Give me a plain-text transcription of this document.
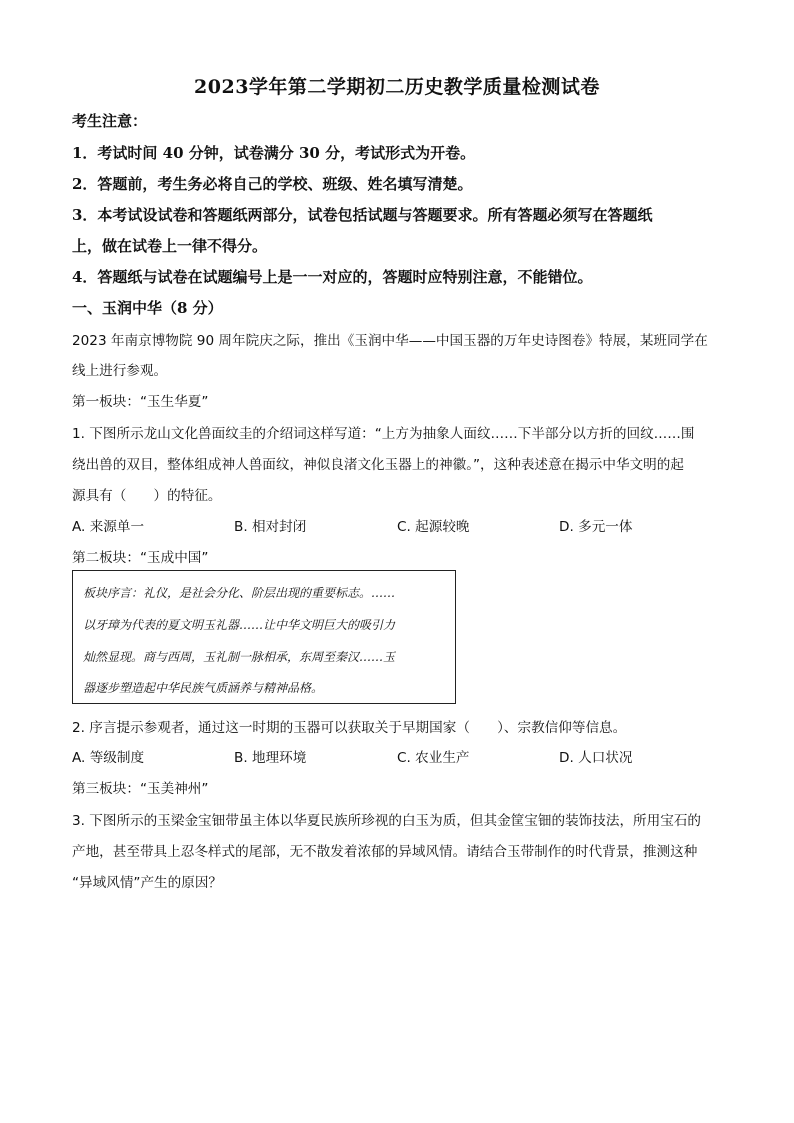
2023学年第二学期初二历史教学质量检测试卷
考生注意：
1．考试时间 40 分钟，试卷满分 30 分，考试形式为开卷。
2．答题前，考生务必将自己的学校、班级、姓名填写清楚。
3．本考试设试卷和答题纸两部分，试卷包括试题与答题要求。所有答题必须写在答题纸
上，做在试卷上一律不得分。
4．答题纸与试卷在试题编号上是一一对应的，答题时应特别注意，不能错位。
一、玉润中华（8 分）
2023 年南京博物院 90 周年院庆之际，推出《玉润中华——中国玉器的万年史诗图卷》特展，某班同学在
线上进行参观。
第一板块：“玉生华夏”
1. 下图所示龙山文化兽面纹圭的介绍词这样写道：“上方为抽象人面纹……下半部分以方折的回纹……围
绕出兽的双目，整体组成神人兽面纹，神似良渚文化玉器上的神徽。”，这种表述意在揭示中华文明的起
源具有（　　）的特征。
A. 来源单一	B. 相对封闭	C. 起源较晚	D. 多元一体
第二板块：“玉成中国”
板块序言：礼仪，是社会分化、阶层出现的重要标志。……
以牙璋为代表的夏文明玉礼器……让中华文明巨大的吸引力
灿然显现。商与西周，玉礼制一脉相承，东周至秦汉……玉
器逐步塑造起中华民族气质涵养与精神品格。
2. 序言提示参观者，通过这一时期的玉器可以获取关于早期国家（　　）、宗教信仰等信息。
A. 等级制度	B. 地理环境	C. 农业生产	D. 人口状况
第三板块：“玉美神州”
3. 下图所示的玉梁金宝钿带虽主体以华夏民族所珍视的白玉为质，但其金筐宝钿的装饰技法，所用宝石的
产地，甚至带具上忍冬样式的尾部，无不散发着浓郁的异域风情。请结合玉带制作的时代背景，推测这种
“异域风情”产生的原因？
